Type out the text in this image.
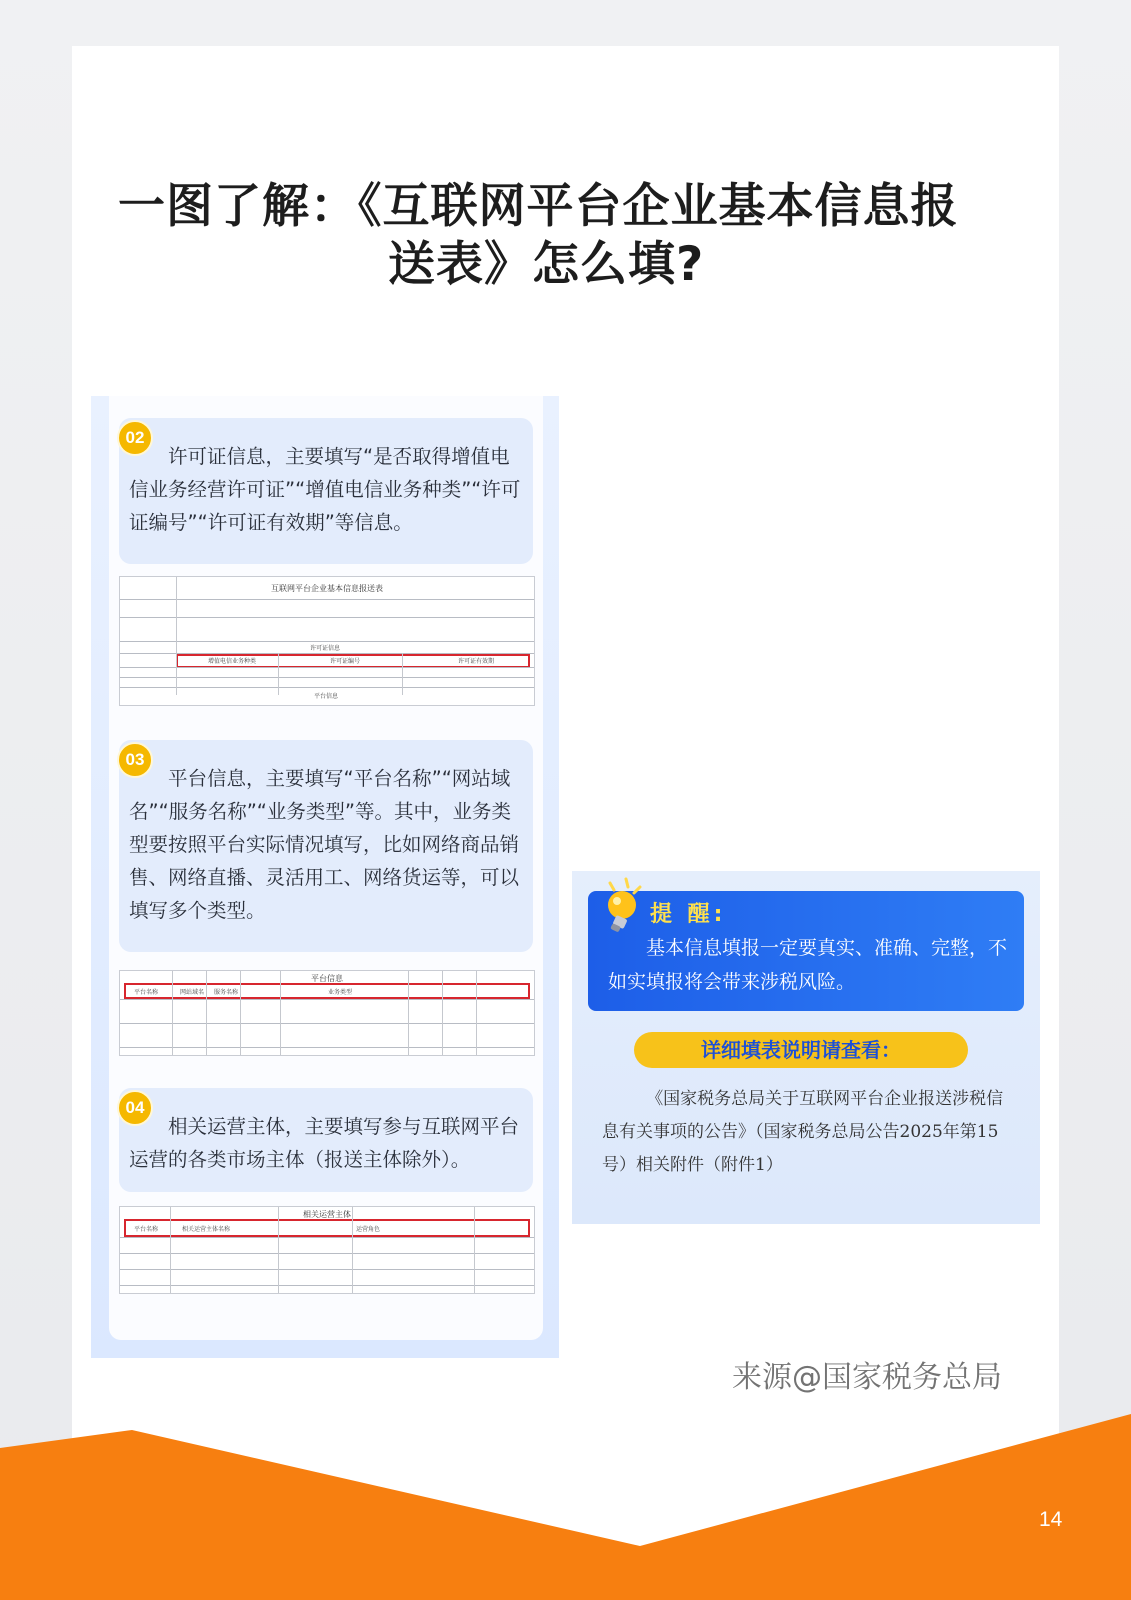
一图了解：《互联网平台企业基本信息报
送表》怎么填?
02
许可证信息，主要填写“是否取得增值电信业务经营许可证”“增值电信业务种类”“许可证编号”“许可证有效期”等信息。
互联网平台企业基本信息报送表
许可证信息
增值电信业务种类	许可证编号	许可证有效期
平台信息
03
平台信息，主要填写“平台名称”“网站域名”“服务名称”“业务类型”等。其中，业务类型要按照平台实际情况填写，比如网络商品销售、网络直播、灵活用工、网络货运等，可以填写多个类型。
平台信息
平台名称	网站域名 服务名称	业务类型
04
相关运营主体，主要填写参与互联网平台运营的各类市场主体（报送主体除外）。
相关运营主体
平台名称	相关运营主体名称	运营角色
提 醒:
基本信息填报一定要真实、准确、完整，不如实填报将会带来涉税风险。
详细填表说明请查看：
《国家税务总局关于互联网平台企业报送涉税信息有关事项的公告》（国家税务总局公告2025年第15号）相关附件（附件1）
来源@国家税务总局
14
